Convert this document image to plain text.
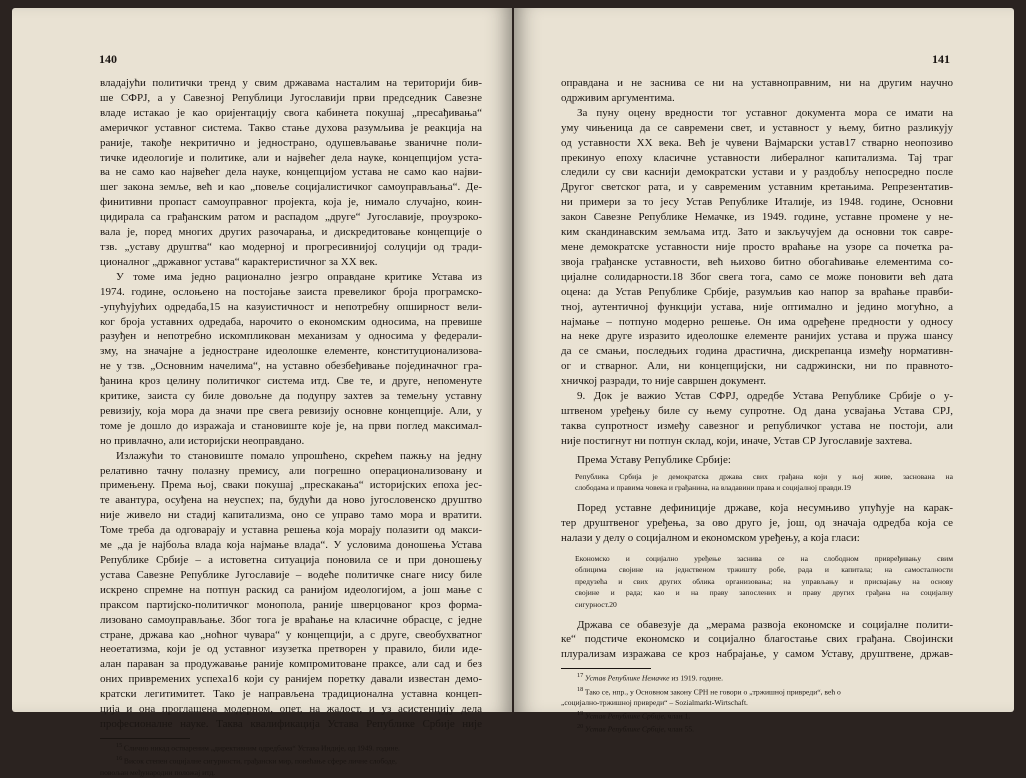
140
владајући политички тренд у свим државама насталим на територији бив-
ше СФРЈ, а у Савезној Републици Југославији први председник Савезне
владе истакао је као оријентацију свога кабинета покушај „пресађивања“
америчког уставног система. Такво стање духова разумљива је реакција на
раније, такође некритично и једнострано, одушевљавање званичне поли-
тичке идеологије и политике, али и највећег дела науке, концепцијом уста-
ва не само као највећег дела науке, концепцијом устава не само као најви-
шег закона земље, већ и као „повеље социјалистичког самоуправљања“. Де-
финитивни пропаст самоуправног пројекта, која је, нимало случајно, коин-
цидирала са грађанским ратом и распадом „друге“ Југославије, проузроко-
вала је, поред многих других разочарања, и дискредитовање концепције о
тзв. „уставу друштва“ као модерној и прогресивнијој солуцији од тради-
ционалног „државног устава“ карактеристичног за XX век.
У томе има једно рационално језгро оправдане критике Устава из
1974. године, ослоњено на постојање заиста превеликог броја програмско-
-упућујућих одредаба,15 на казуистичност и непотребну опширност вели-
ког броја уставних одредаба, нарочито о економским односима, на превише
разуђен и непотребно искомпликован механизам у односима у федерали-
зму, на значајне а једностране идеолошке елементе, конституционализова-
не у тзв. „Основним начелима“, на уставно обезбеђивање појединачног гра-
ђанина кроз целину политичког система итд. Све те, и друге, непоменуте
критике, заиста су биле довољне да подупру захтев за темељну уставну
ревизију, која мора да значи пре свега ревизију основне концепције. Али, у
томе је дошло до изражаја и становиште које је, на први поглед максимал-
но привлачно, али историјски неоправдано.
Излажући то становиште помало упрошћено, скрећем пажњу на једну
релативно тачну полазну премису, али погрешно операционализовану и
примењену. Према њој, сваки покушај „прескакања“ историјских епоха јес-
те авантура, осуђена на неуспех; па, будући да ново југословенско друштво
није живело ни стадиј капитализма, оно се управо тамо мора и вратити.
Томе треба да одговарају и уставна решења која морају полазити од макси-
ме „да је најбоља влада која најмање влада“. У условима доношења Устава
Републике Србије – а истоветна ситуација поновила се и при доношењу
устава Савезне Републике Југославије – водеће политичке снаге нису биле
искрено спремне на потпун раскид са ранијом идеологијом, а још мање с
праксом партијско-политичког монопола, раније шверцованог кроз форма-
лизовано самоуправљање. Због тога је враћање на класичне обрасце, с једне
стране, држава као „ноћног чувара“ у концепцији, а с друге, свеобухватног
неоетатизма, који је од уставног изузетка претворен у правило, били иде-
алан параван за продужавање раније компромитоване праксе, али сад и без
оних привремених успеха16 који су ранијем поретку давали известан демо-
кратски легитимитет. Тако је направљена традиционална уставна концеп-
ција и она проглашена модерном, опет, на жалост, и уз асистенцију дела
професионалне науке. Таква квалификација Устава Републике Србије није
$^{15}$ Слично никад оствареним „директивним одредбама“ Устава Индије, од 1949. године.
$^{16}$ Висок степен социјалне сигурности, грађански мир, повећање сфере личне слободе,
повољан међународни положај итд.
141
оправдана и не заснива се ни на уставноправним, ни на другим научно
одрживим аргументима.
За пуну оцену вредности тог уставног документа мора се имати на
уму чињеница да се савремени свет, и уставност у њему, битно разликују
од уставности XX века. Већ је чувени Вајмарски устав17 стварно неопозиво
прекинуо епоху класичне уставности либералног капитализма. Тај траг
следили су сви каснији демократски устави и у раздобљу непосредно после
Другог светског рата, и у савременим уставним кретањима. Репрезентатив-
ни примери за то јесу Устав Републике Италије, из 1948. године, Основни
закон Савезне Републике Немачке, из 1949. године, уставне промене у не-
ким скандинавским земљама итд. Зато и закључујем да основни ток савре-
мене демократске уставности није просто враћање на узоре са почетка ра-
звоја грађанске уставности, већ њихово битно обогаћивање елементима со-
цијалне солидарности.18 Због свега тога, само се може поновити већ дата
оцена: да Устав Републике Србије, разумљив као напор за враћање правби-
тној, аутентичној функцији устава, није оптимално и једино могућно, а
најмање – потпуно модерно решење. Он има одређене предности у односу
на неке друге изразито идеолошке елементе ранијих устава и пружа шансу
да се смањи, последњих година драстична, дискрепанца између нормативн-
ог и стварног. Али, ни концепцијски, ни садржински, ни по правното-
хничкој разради, то није савршен документ.
9. Док је важио Устав СФРЈ, одредбе Устава Републике Србије о у-
штвеном уређењу биле су њему супротне. Од дана усвајања Устава СРЈ,
таква супротност између савезног и републичког устава не постоји, али
није постигнут ни потпун склад, који, иначе, Устав СР Југославије захтева.
Према Уставу Републике Србије:
Република Србија је демократска држава свих грађана који у њој живе, заснована на
слободама и правима човека и грађанина, на владавини права и социјалној правди.19
Поред уставне дефиниције државе, која несумњиво упућује на карак-
тер друштвеног уређења, за ово друго је, још, од значаја одредба која се
налази у делу о социјалном и економском уређењу, а која гласи:
Економско и социјално уређење заснива се на слободном привређивању свим
облицима својине на једнственом тржишту робе, рада и капитала; на самосталности
предузећа и свих других облика организовања; на управљању и присвајању на основу
својине и рада; као и на праву запослених и праву других грађана на социјалну
сигурност.20
Држава се обавезује да „мерама развоја економске и социјалне полити-
ке“ подстиче економско и социјално благостање свих грађана. Својински
плурализам изражава се кроз набрајање, у самом Уставу, друштвене, држав-
$^{17}$ Устав Републике Немачке из 1919. године.
$^{18}$ Тако се, нпр., у Основном закону СРН не говори о „тржишној привреди“, већ о
„социјално-тржишној привреди“ – Sozialmarkt-Wirtschaft.
$^{19}$ Устав Републике Србије, члан 1.
$^{20}$ Устав Републике Србије, члан 55.
